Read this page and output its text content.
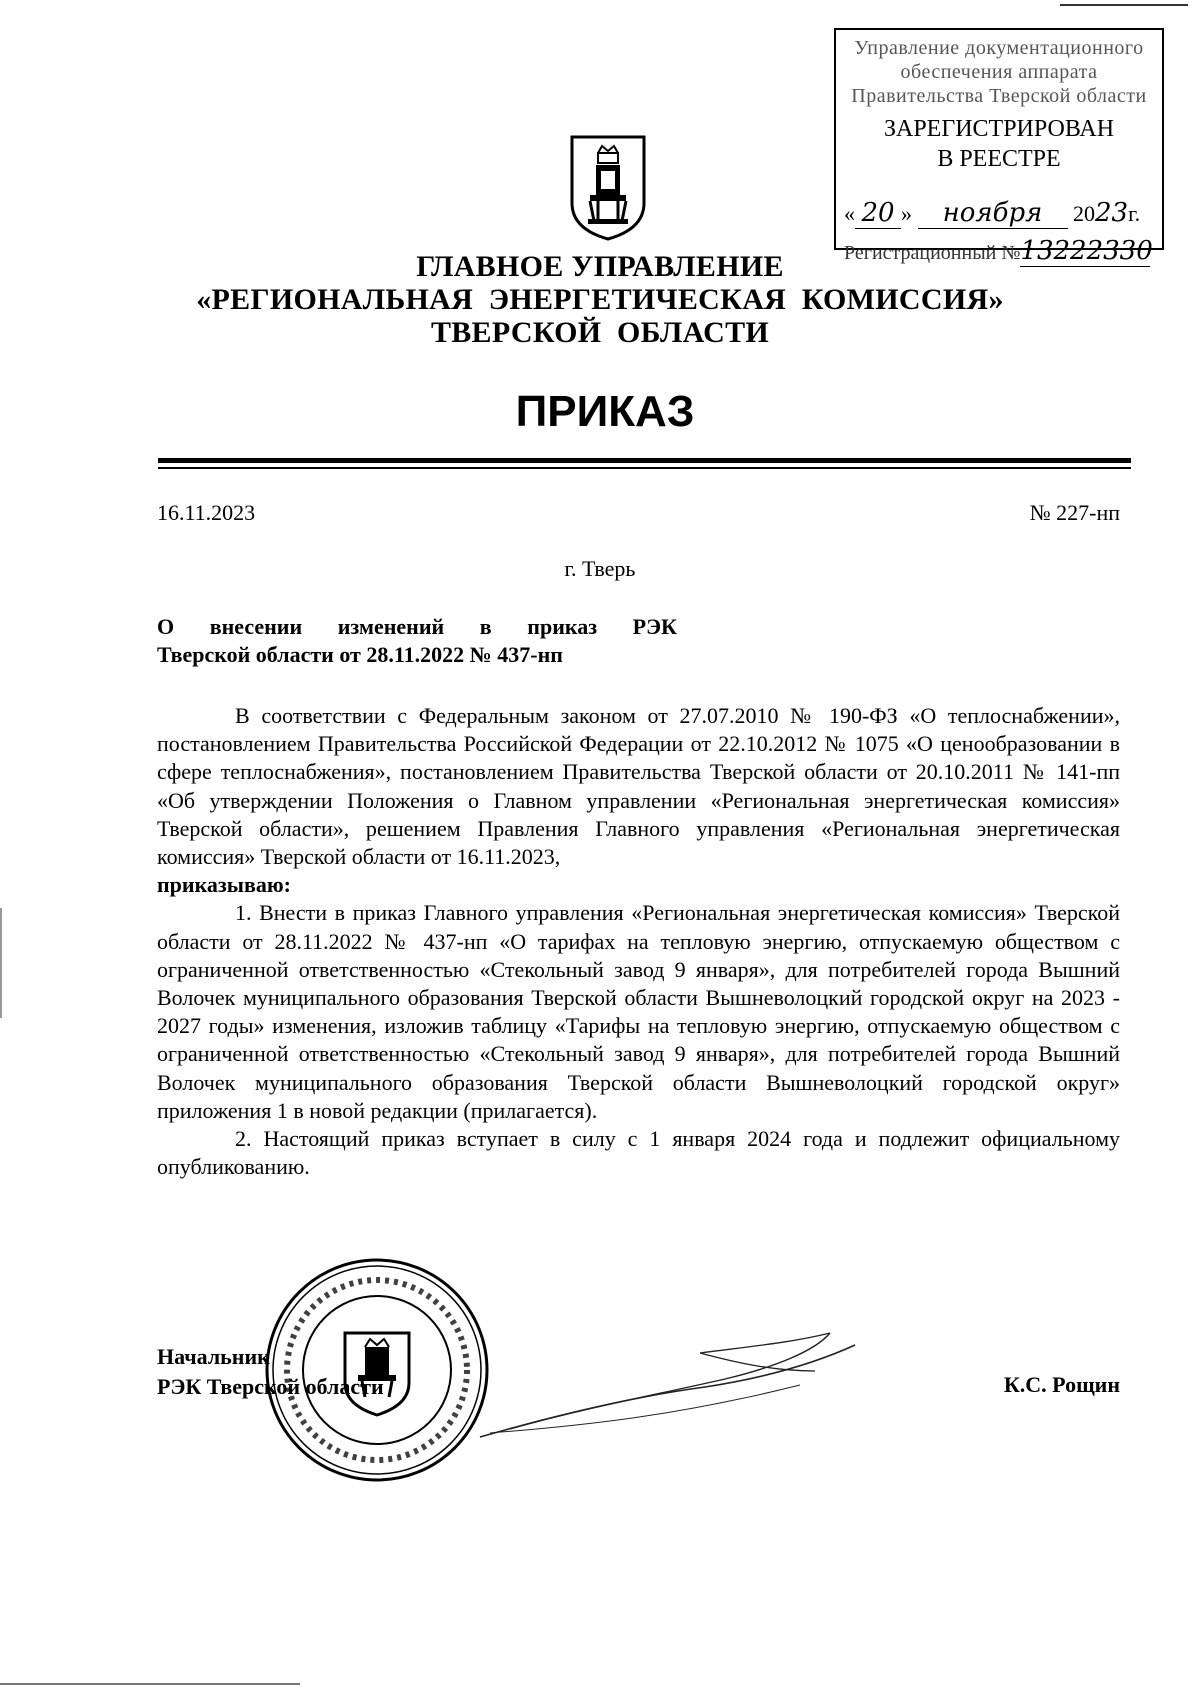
Управление документационного
обеспечения аппарата
Правительства Тверской области
ЗАРЕГИСТРИРОВАН
В РЕЕСТРЕ
« 20 » ноября 2023г.
Регистрационный №13222330
ГЛАВНОЕ УПРАВЛЕНИЕ
«РЕГИОНАЛЬНАЯ  ЭНЕРГЕТИЧЕСКАЯ  КОМИССИЯ»
ТВЕРСКОЙ  ОБЛАСТИ
ПРИКАЗ
16.11.2023	№ 227-нп
г. Тверь
О внесении изменений в приказ РЭК
Тверской области от 28.11.2022 № 437-нп

В соответствии с Федеральным законом от 27.07.2010 № 190-ФЗ «О теплоснабжении», постановлением Правительства Российской Федерации от 22.10.2012 № 1075 «О ценообразовании в сфере теплоснабжения», постановлением Правительства Тверской области от 20.10.2011 № 141-пп «Об утверждении Положения о Главном управлении «Региональная энергетическая комиссия» Тверской области», решением Правления Главного управления «Региональная энергетическая комиссия» Тверской области от 16.11.2023,

приказываю:

1. Внести в приказ Главного управления «Региональная энергетическая комиссия» Тверской области от 28.11.2022 № 437-нп «О тарифах на тепловую энергию, отпускаемую обществом с ограниченной ответственностью «Стекольный завод 9 января», для потребителей города Вышний Волочек муниципального образования Тверской области Вышневолоцкий городской округ на 2023 - 2027 годы» изменения, изложив таблицу «Тарифы на тепловую энергию, отпускаемую обществом с ограниченной ответственностью «Стекольный завод 9 января», для потребителей города Вышний Волочек муниципального образования Тверской области Вышневолоцкий городской округ» приложения 1 в новой редакции (прилагается).

2. Настоящий приказ вступает в силу с 1 января 2024 года и подлежит официальному опубликованию.

Начальник
РЭК Тверской области	К.С. Рощин
